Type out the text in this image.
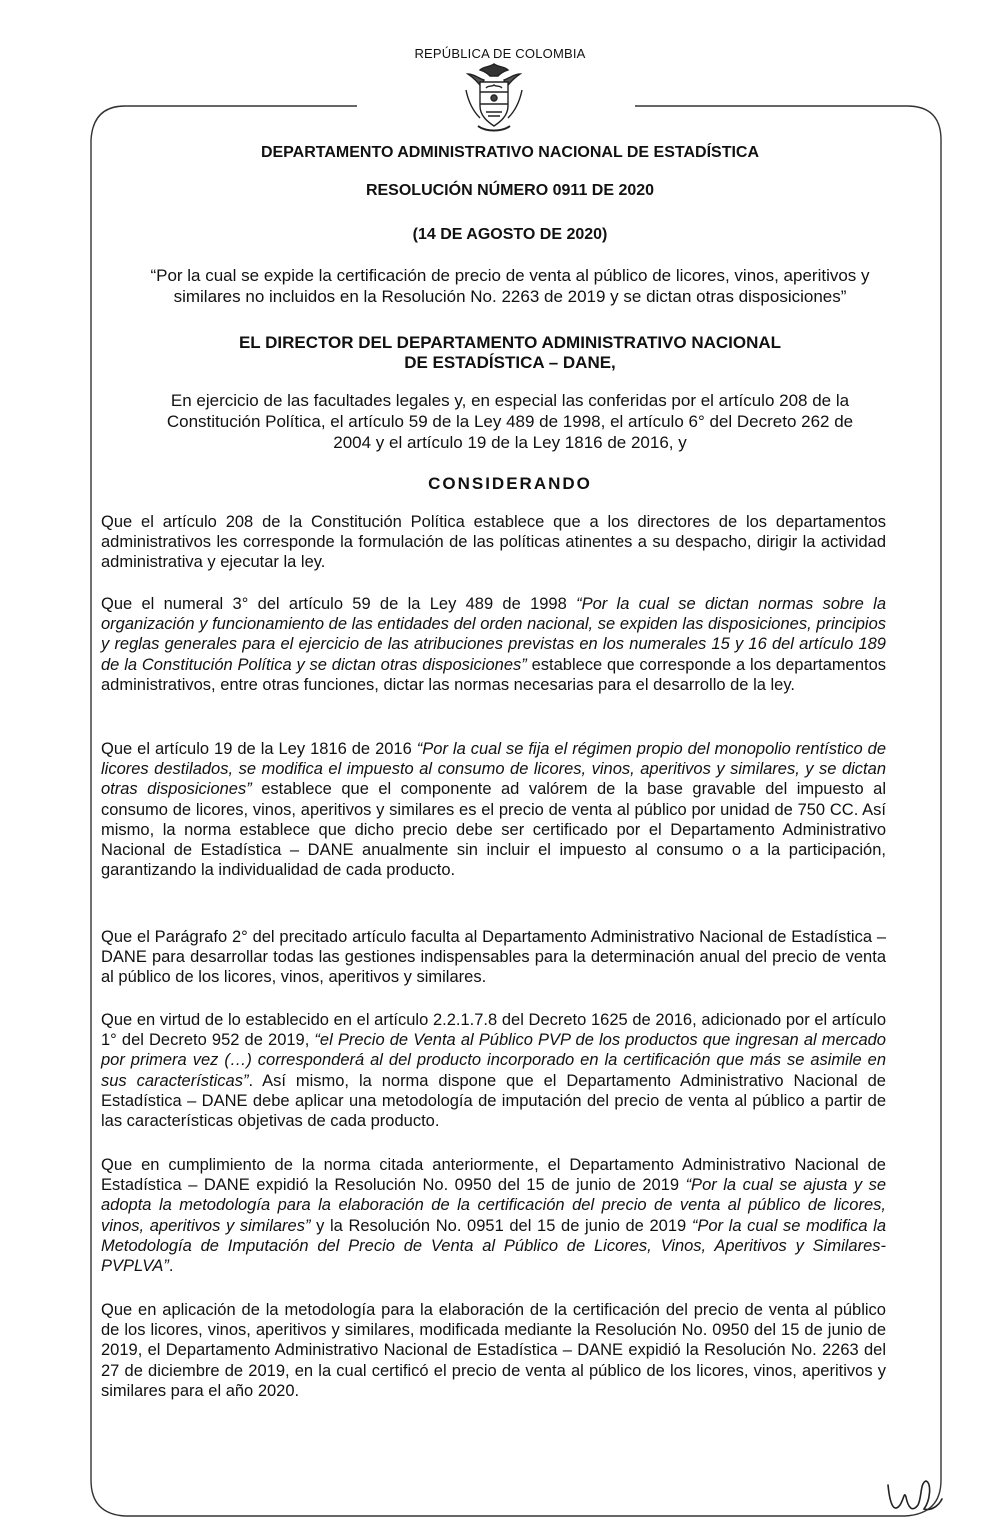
REPÚBLICA DE COLOMBIA
DEPARTAMENTO ADMINISTRATIVO NACIONAL DE ESTADÍSTICA
RESOLUCIÓN NÚMERO 0911 DE 2020
(14 DE AGOSTO DE 2020)
“Por la cual se expide la certificación de precio de venta al público de licores, vinos, aperitivos y
similares no incluidos en la Resolución No. 2263 de 2019 y se dictan otras disposiciones”
EL DIRECTOR DEL DEPARTAMENTO ADMINISTRATIVO NACIONAL
DE ESTADÍSTICA – DANE,
En ejercicio de las facultades legales y, en especial las conferidas por el artículo 208 de la
Constitución Política, el artículo 59 de la Ley 489 de 1998, el artículo 6° del Decreto 262 de
2004 y el artículo 19 de la Ley 1816 de 2016, y
CONSIDERANDO
Que el artículo 208 de la Constitución Política establece que a los directores de los departamentos administrativos les corresponde la formulación de las políticas atinentes a su despacho, dirigir la actividad administrativa y ejecutar la ley.
Que el numeral 3° del artículo 59 de la Ley 489 de 1998 “Por la cual se dictan normas sobre la organización y funcionamiento de las entidades del orden nacional, se expiden las disposiciones, principios y reglas generales para el ejercicio de las atribuciones previstas en los numerales 15 y 16 del artículo 189 de la Constitución Política y se dictan otras disposiciones” establece que corresponde a los departamentos administrativos, entre otras funciones, dictar las normas necesarias para el desarrollo de la ley.
Que el artículo 19 de la Ley 1816 de 2016 “Por la cual se fija el régimen propio del monopolio rentístico de licores destilados, se modifica el impuesto al consumo de licores, vinos, aperitivos y similares, y se dictan otras disposiciones” establece que el componente ad valórem de la base gravable del impuesto al consumo de licores, vinos, aperitivos y similares es el precio de venta al público por unidad de 750 CC. Así mismo, la norma establece que dicho precio debe ser certificado por el Departamento Administrativo Nacional de Estadística – DANE anualmente sin incluir el impuesto al consumo o a la participación, garantizando la individualidad de cada producto.
Que el Parágrafo 2° del precitado artículo faculta al Departamento Administrativo Nacional de Estadística – DANE para desarrollar todas las gestiones indispensables para la determinación anual del precio de venta al público de los licores, vinos, aperitivos y similares.
Que en virtud de lo establecido en el artículo 2.2.1.7.8 del Decreto 1625 de 2016, adicionado por el artículo 1° del Decreto 952 de 2019, “el Precio de Venta al Público PVP de los productos que ingresan al mercado por primera vez (…) corresponderá al del producto incorporado en la certificación que más se asimile en sus características”. Así mismo, la norma dispone que el Departamento Administrativo Nacional de Estadística – DANE debe aplicar una metodología de imputación del precio de venta al público a partir de las características objetivas de cada producto.
Que en cumplimiento de la norma citada anteriormente, el Departamento Administrativo Nacional de Estadística – DANE expidió la Resolución No. 0950 del 15 de junio de 2019 “Por la cual se ajusta y se adopta la metodología para la elaboración de la certificación del precio de venta al público de licores, vinos, aperitivos y similares” y la Resolución No. 0951 del 15 de junio de 2019 “Por la cual se modifica la Metodología de Imputación del Precio de Venta al Público de Licores, Vinos, Aperitivos y Similares- PVPLVA”.
Que en aplicación de la metodología para la elaboración de la certificación del precio de venta al público de los licores, vinos, aperitivos y similares, modificada mediante la Resolución No. 0950 del 15 de junio de 2019, el Departamento Administrativo Nacional de Estadística – DANE expidió la Resolución No. 2263 del 27 de diciembre de 2019, en la cual certificó el precio de venta al público de los licores, vinos, aperitivos y similares para el año 2020.
